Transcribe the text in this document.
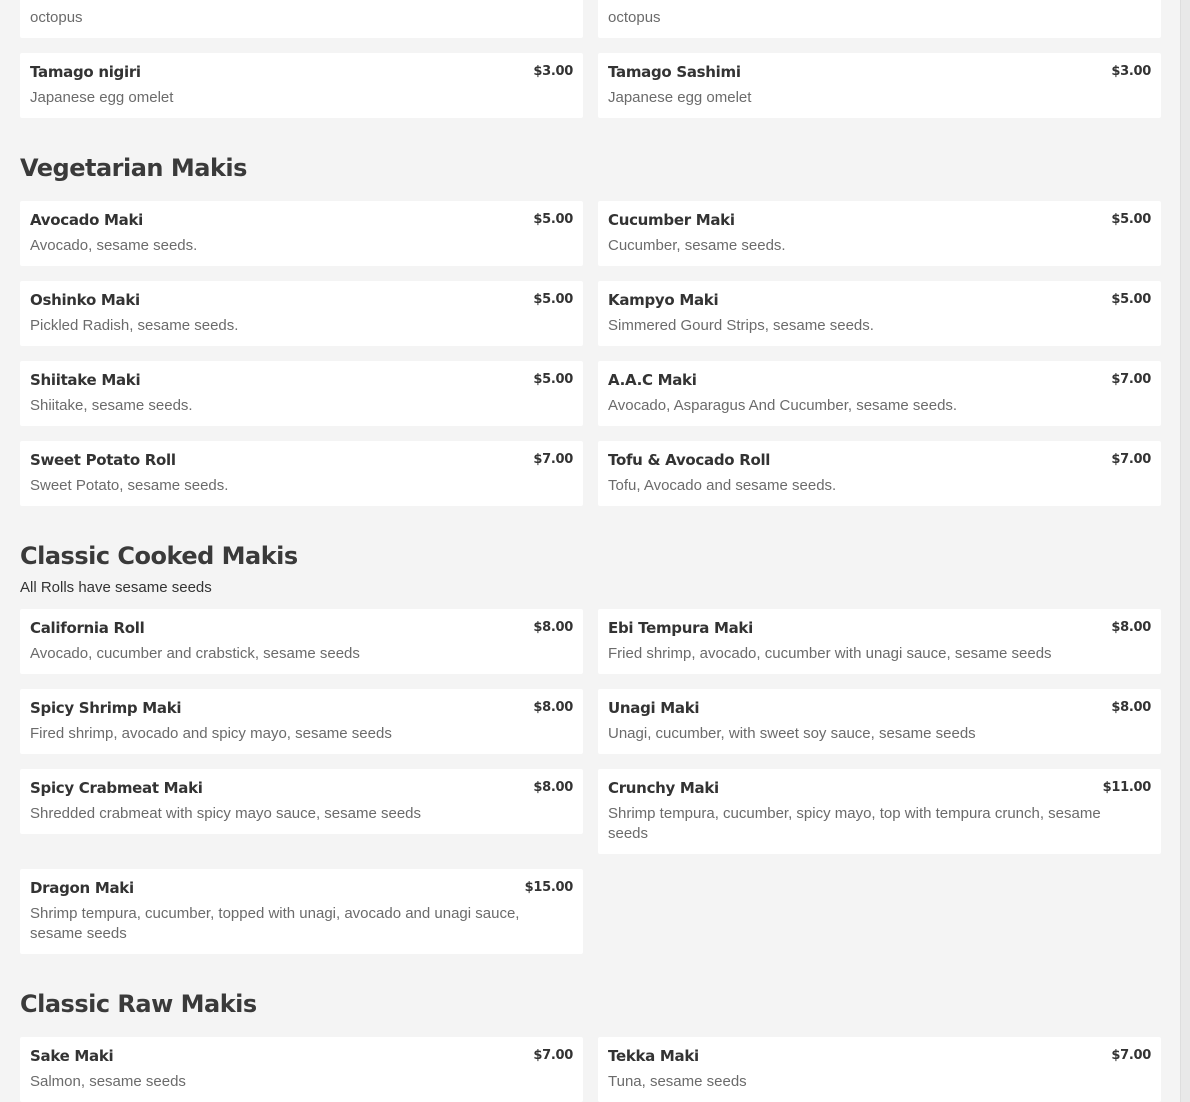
octopus	octopus
Tamago nigiri	$3.00
Japanese egg omelet
Tamago Sashimi	$3.00
Japanese egg omelet
Vegetarian Makis
Avocado Maki	$5.00
Avocado, sesame seeds.
Cucumber Maki	$5.00
Cucumber, sesame seeds.
Oshinko Maki	$5.00
Pickled Radish, sesame seeds.
Kampyo Maki	$5.00
Simmered Gourd Strips, sesame seeds.
Shiitake Maki	$5.00
Shiitake, sesame seeds.
A.A.C Maki	$7.00
Avocado, Asparagus And Cucumber, sesame seeds.
Sweet Potato Roll	$7.00
Sweet Potato, sesame seeds.
Tofu & Avocado Roll	$7.00
Tofu, Avocado and sesame seeds.
Classic Cooked Makis

All Rolls have sesame seeds

California Roll	$8.00
Avocado, cucumber and crabstick, sesame seeds
Ebi Tempura Maki	$8.00
Fried shrimp, avocado, cucumber with unagi sauce, sesame seeds
Spicy Shrimp Maki	$8.00
Fired shrimp, avocado and spicy mayo, sesame seeds
Unagi Maki	$8.00
Unagi, cucumber, with sweet soy sauce, sesame seeds
Spicy Crabmeat Maki	$8.00
Shredded crabmeat with spicy mayo sauce, sesame seeds
Crunchy Maki	$11.00
Shrimp tempura, cucumber, spicy mayo, top with tempura crunch, sesame seeds
Dragon Maki	$15.00
Shrimp tempura, cucumber, topped with unagi, avocado and unagi sauce, sesame seeds
Classic Raw Makis
Sake Maki	$7.00
Salmon, sesame seeds
Tekka Maki	$7.00
Tuna, sesame seeds
